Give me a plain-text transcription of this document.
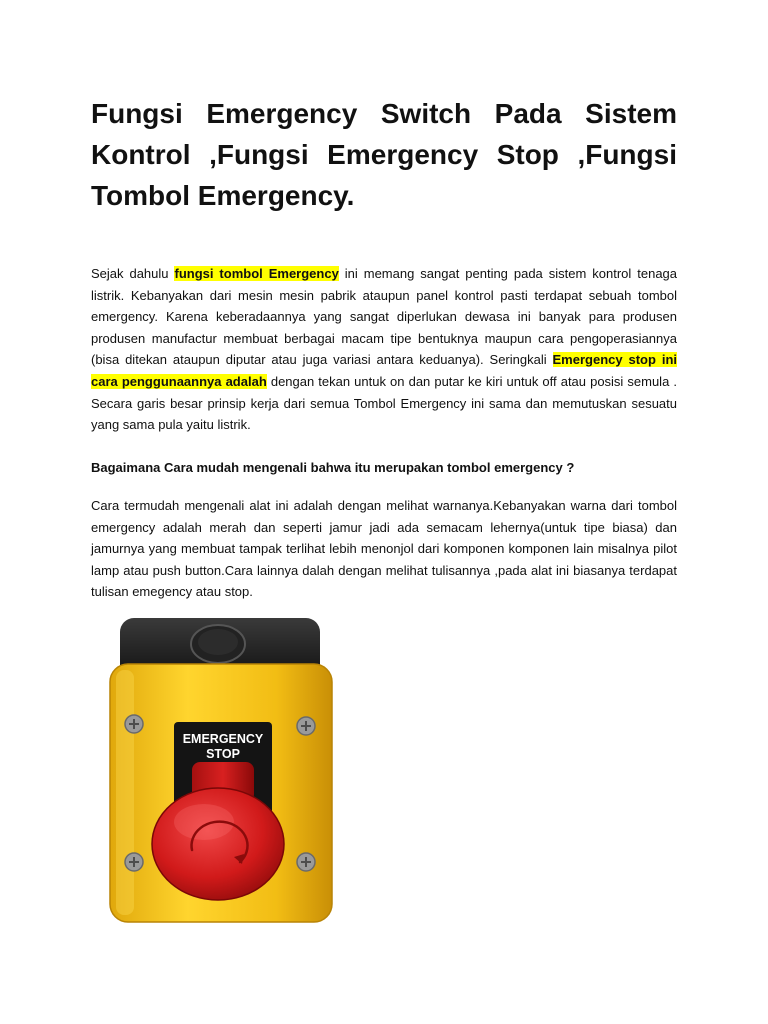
Fungsi Emergency Switch Pada Sistem Kontrol ,Fungsi Emergency Stop ,Fungsi Tombol Emergency.

Sejak dahulu fungsi tombol Emergency ini memang sangat penting pada sistem kontrol tenaga listrik. Kebanyakan dari mesin mesin pabrik ataupun panel kontrol pasti terdapat sebuah tombol emergency. Karena keberadaannya yang sangat diperlukan dewasa ini banyak para produsen produsen manufactur membuat berbagai macam tipe bentuknya maupun cara pengoperasiannya (bisa ditekan ataupun diputar atau juga variasi antara keduanya). Seringkali Emergency stop ini cara penggunaannya adalah dengan tekan untuk on dan putar ke kiri untuk off atau posisi semula . Secara garis besar prinsip kerja dari semua Tombol Emergency ini sama dan memutuskan sesuatu yang sama pula yaitu listrik.

Bagaimana Cara mudah mengenali bahwa itu merupakan tombol emergency ?

Cara termudah mengenali alat ini adalah dengan melihat warnanya.Kebanyakan warna dari tombol emergency adalah merah dan seperti jamur jadi ada semacam lehernya(untuk tipe biasa) dan jamurnya yang membuat tampak terlihat lebih menonjol dari komponen komponen lain misalnya pilot lamp atau push button.Cara lainnya dalah dengan melihat tulisannya ,pada alat ini biasanya terdapat tulisan emegency atau stop.

EMERGENCY
STOP
